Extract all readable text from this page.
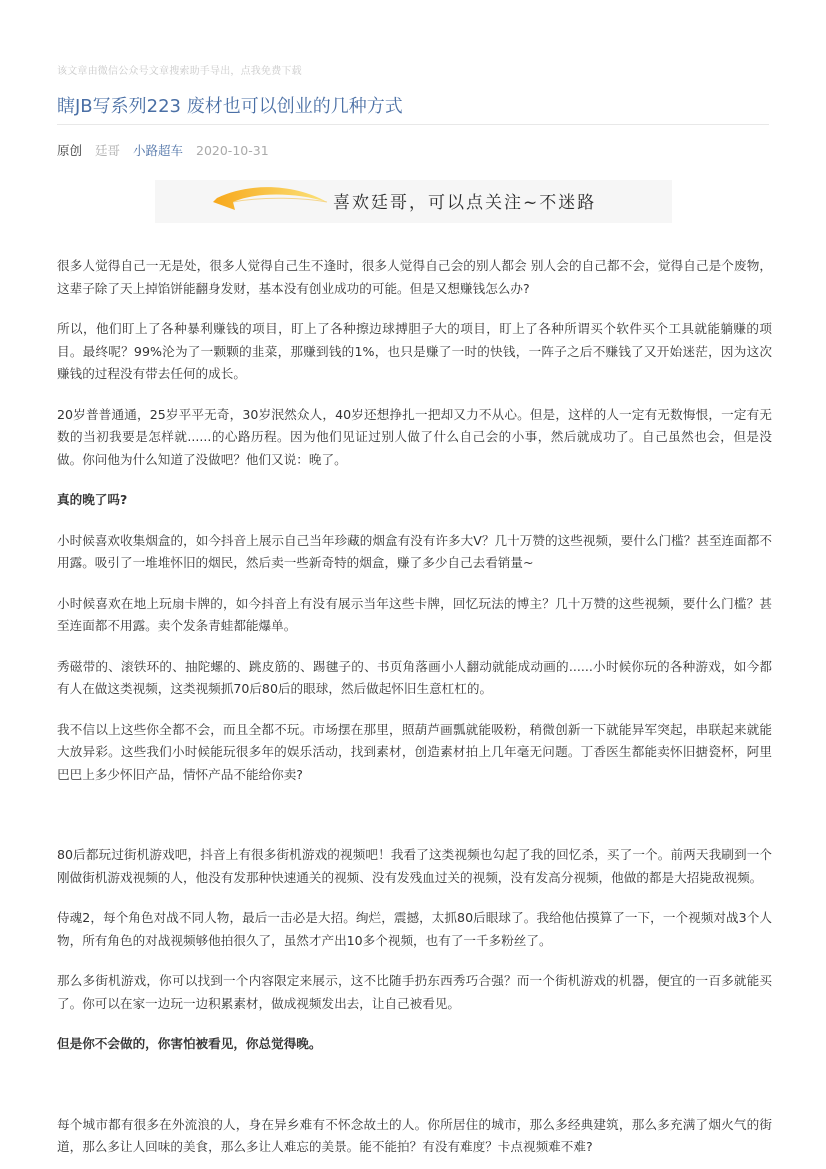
该文章由微信公众号文章搜索助手导出，点我免费下载
瞎JB写系列223 废材也可以创业的几种方式
原创 廷哥 小路超车 2020-10-31
喜欢廷哥，可以点关注~不迷路

很多人觉得自己一无是处，很多人觉得自己生不逢时，很多人觉得自己会的别人都会 别人会的自己都不会，觉得自己是个废物，这辈子除了天上掉馅饼能翻身发财，基本没有创业成功的可能。但是又想赚钱怎么办?

所以，他们盯上了各种暴利赚钱的项目，盯上了各种擦边球搏胆子大的项目，盯上了各种所谓买个软件买个工具就能躺赚的项目。最终呢？99%沦为了一颗颗的韭菜，那赚到钱的1%，也只是赚了一时的快钱，一阵子之后不赚钱了又开始迷茫，因为这次赚钱的过程没有带去任何的成长。

20岁普普通通，25岁平平无奇，30岁泯然众人，40岁还想挣扎一把却又力不从心。但是，这样的人一定有无数悔恨，一定有无数的当初我要是怎样就......的心路历程。因为他们见证过别人做了什么自己会的小事，然后就成功了。自己虽然也会，但是没做。你问他为什么知道了没做吧？他们又说：晚了。

真的晚了吗?

小时候喜欢收集烟盒的，如今抖音上展示自己当年珍藏的烟盒有没有许多大V？几十万赞的这些视频，要什么门槛？甚至连面都不用露。吸引了一堆堆怀旧的烟民，然后卖一些新奇特的烟盒，赚了多少自己去看销量~

小时候喜欢在地上玩扇卡牌的，如今抖音上有没有展示当年这些卡牌，回忆玩法的博主？几十万赞的这些视频，要什么门槛？甚至连面都不用露。卖个发条青蛙都能爆单。

秀磁带的、滚铁环的、抽陀螺的、跳皮筋的、踢毽子的、书页角落画小人翻动就能成动画的......小时候你玩的各种游戏，如今都有人在做这类视频，这类视频抓70后80后的眼球，然后做起怀旧生意杠杠的。

我不信以上这些你全都不会，而且全都不玩。市场摆在那里，照葫芦画瓢就能吸粉，稍微创新一下就能异军突起，串联起来就能大放异彩。这些我们小时候能玩很多年的娱乐活动，找到素材，创造素材拍上几年毫无问题。丁香医生都能卖怀旧搪瓷杯，阿里巴巴上多少怀旧产品，情怀产品不能给你卖?

80后都玩过街机游戏吧，抖音上有很多街机游戏的视频吧！我看了这类视频也勾起了我的回忆杀，买了一个。前两天我刷到一个刚做街机游戏视频的人，他没有发那种快速通关的视频、没有发残血过关的视频，没有发高分视频，他做的都是大招毙敌视频。

侍魂2，每个角色对战不同人物，最后一击必是大招。绚烂，震撼，太抓80后眼球了。我给他估摸算了一下，一个视频对战3个人物，所有角色的对战视频够他拍很久了，虽然才产出10多个视频，也有了一千多粉丝了。

那么多街机游戏，你可以找到一个内容限定来展示，这不比随手扔东西秀巧合强？而一个街机游戏的机器，便宜的一百多就能买了。你可以在家一边玩一边积累素材，做成视频发出去，让自己被看见。

但是你不会做的，你害怕被看见，你总觉得晚。

每个城市都有很多在外流浪的人，身在异乡难有不怀念故土的人。你所居住的城市，那么多经典建筑，那么多充满了烟火气的街道，那么多让人回味的美食，那么多让人难忘的美景。能不能拍？有没有难度？卡点视频难不难?
